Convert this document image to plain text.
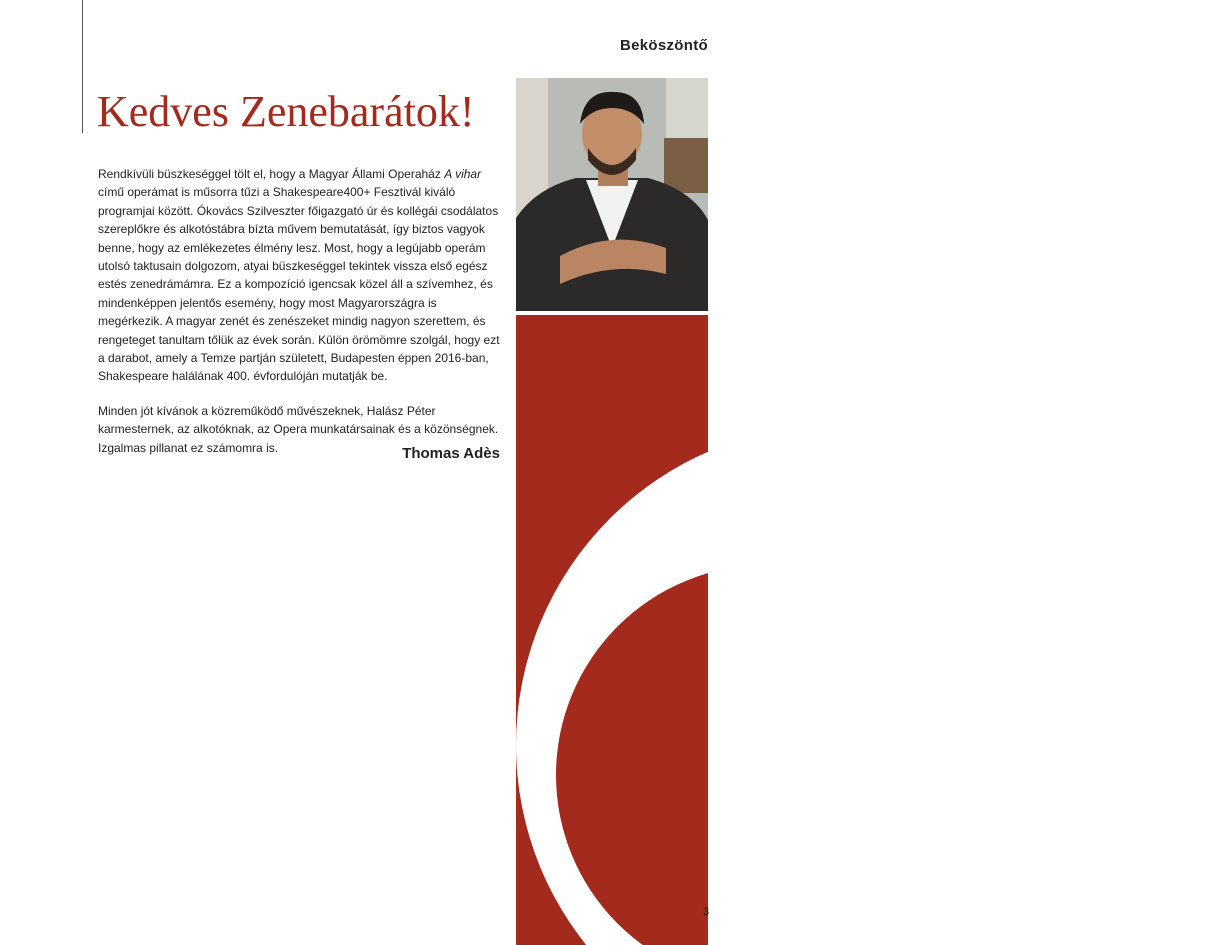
Beköszöntő
Kedves Zenebarátok!

Rendkívüli büszkeséggel tölt el, hogy a Magyar Állami Operaház A vihar című operámat is műsorra tűzi a Shakespeare400+ Fesztivál kiváló programjai között. Ókovács Szilveszter főigazgató úr és kollégái csodálatos szereplőkre és alkotóstábra bízta művem bemutatását, így biztos vagyok benne, hogy az emlékezetes élmény lesz. Most, hogy a legújabb operám utolsó taktusain dolgozom, atyai büszkeséggel tekintek vissza első egész estés zenedrámámra. Ez a kompozíció igencsak közel áll a szívemhez, és mindenképpen jelentős esemény, hogy most Magyarországra is megérkezik. A magyar zenét és zenészeket mindig nagyon szerettem, és rengeteget tanultam tőlük az évek során. Külön örömömre szolgál, hogy ezt a darabot, amely a Temze partján született, Budapesten éppen 2016-ban, Shakespeare halálának 400. évfordulóján mutatják be.

Minden jót kívánok a közreműködő művészeknek, Halász Péter karmesternek, az alkotóknak, az Opera munkatársainak és a közönségnek. Izgalmas pillanat ez számomra is.	Thomas Adès
Fotó: Brian Voce
3
